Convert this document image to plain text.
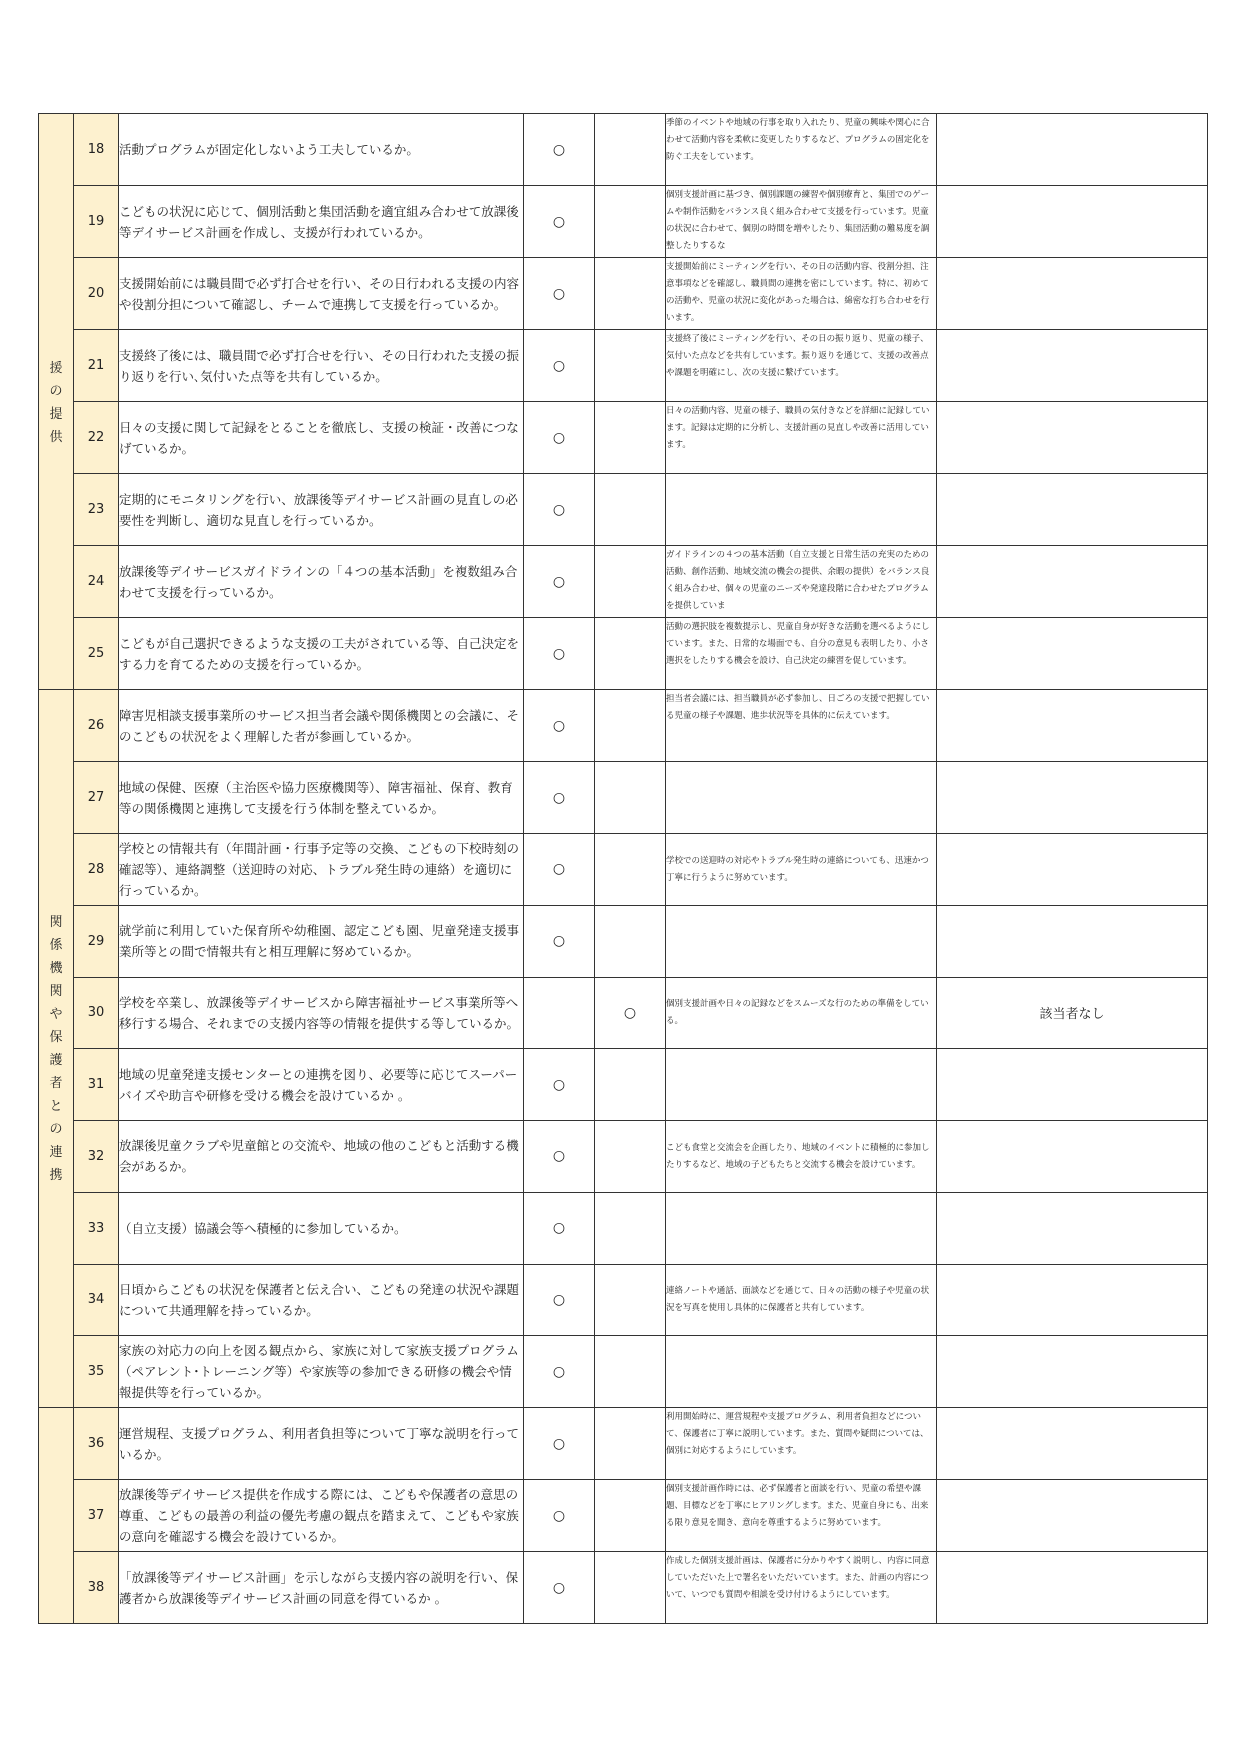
援の提供	18	活動プログラムが固定化しないよう工夫しているか。	○		季節のイベントや地域の行事を取り入れたり、児童の興味や関心に合わせて活動内容を柔軟に変更したりするなど、プログラムの固定化を防ぐ工夫をしています。	

	19	こどもの状況に応じて、個別活動と集団活動を適宜組み合わせて放課後等デイサービス計画を作成し、支援が行われているか。	○		個別支援計画に基づき、個別課題の練習や個別療育と、集団でのゲームや制作活動をバランス良く組み合わせて支援を行っています。児童の状況に合わせて、個別の時間を増やしたり、集団活動の難易度を調整したりするな	

	20	支援開始前には職員間で必ず打合せを行い、その日行われる支援の内容や役割分担について確認し、チームで連携して支援を行っているか。	○		支援開始前にミーティングを行い、その日の活動内容、役割分担、注意事項などを確認し、職員間の連携を密にしています。特に、初めての活動や、児童の状況に変化があった場合は、綿密な打ち合わせを行います。	

	21	支援終了後には、職員間で必ず打合せを行い、その日行われた支援の振り返りを行い､気付いた点等を共有しているか。	○		支援終了後にミーティングを行い、その日の振り返り、児童の様子、気付いた点などを共有しています。振り返りを通じて、支援の改善点や課題を明確にし、次の支援に繋げています。	

	22	日々の支援に関して記録をとることを徹底し、支援の検証・改善につなげているか。	○		日々の活動内容、児童の様子、職員の気付きなどを詳細に記録しています。記録は定期的に分析し、支援計画の見直しや改善に活用しています。	

	23	定期的にモニタリングを行い、放課後等デイサービス計画の見直しの必要性を判断し、適切な見直しを行っているか。	○		

	24	放課後等デイサービスガイドラインの「４つの基本活動」を複数組み合わせて支援を行っているか。	○		ガイドラインの４つの基本活動（自立支援と日常生活の充実のための活動、創作活動、地域交流の機会の提供、余暇の提供）をバランス良く組み合わせ、個々の児童のニーズや発達段階に合わせたプログラムを提供していま	

	25	こどもが自己選択できるような支援の工夫がされている等、自己決定をする力を育てるための支援を行っているか。	○		活動の選択肢を複数提示し、児童自身が好きな活動を選べるようにしています。また、日常的な場面でも、自分の意見も表明したり、小さ選択をしたりする機会を設け、自己決定の練習を促しています。	

関係機関や保護者との連携	26	障害児相談支援事業所のサービス担当者会議や関係機関との会議に、そのこどもの状況をよく理解した者が参画しているか。	○		担当者会議には、担当職員が必ず参加し、日ごろの支援で把握している児童の様子や課題、進歩状況等を具体的に伝えています。	

	27	地域の保健、医療（主治医や協力医療機関等）、障害福祉、保育、教育等の関係機関と連携して支援を行う体制を整えているか。	○		

	28	学校との情報共有（年間計画・行事予定等の交換、こどもの下校時刻の確認等）、連絡調整（送迎時の対応、トラブル発生時の連絡）を適切に行っているか。	○		学校での送迎時の対応やトラブル発生時の連絡についても、迅速かつ丁寧に行うように努めています。	

	29	就学前に利用していた保育所や幼稚園、認定こども園、児童発達支援事業所等との間で情報共有と相互理解に努めているか。	○		

	30	学校を卒業し、放課後等デイサービスから障害福祉サービス事業所等へ移行する場合、それまでの支援内容等の情報を提供する等しているか。		○	個別支援計画や日々の記録などをスムーズな行のための準備をしている。	該当者なし
	31	地域の児童発達支援センターとの連携を図り、必要等に応じてスーパーバイズや助言や研修を受ける機会を設けているか 。	○		

	32	放課後児童クラブや児童館との交流や、地域の他のこどもと活動する機会があるか。	○		こども食堂と交流会を企画したり、地域のイベントに積極的に参加したりするなど、地域の子どもたちと交流する機会を設けています。	

	33	（自立支援）協議会等へ積極的に参加しているか。	○		

	34	日頃からこどもの状況を保護者と伝え合い、こどもの発達の状況や課題について共通理解を持っているか。	○		連絡ノートや通話、面談などを通じて、日々の活動の様子や児童の状況を写真を使用し具体的に保護者と共有しています。	

	35	家族の対応力の向上を図る観点から、家族に対して家族支援プログラム（ペアレント･トレーニング等）や家族等の参加できる研修の機会や情報提供等を行っているか。	○		

	36	運営規程、支援プログラム、利用者負担等について丁寧な説明を行っているか。	○		利用開始時に、運営規程や支援プログラム、利用者負担などについて、保護者に丁寧に説明しています。また、質問や疑問については、個別に対応するようにしています。	

	37	放課後等デイサービス提供を作成する際には、こどもや保護者の意思の尊重、こどもの最善の利益の優先考慮の観点を踏まえて、こどもや家族の意向を確認する機会を設けているか。	○		個別支援計画作時には、必ず保護者と面談を行い、児童の希望や課題、目標などを丁寧にヒアリングします。また、児童自身にも、出来る限り意見を聞き、意向を尊重するように努めています。	

	38	「放課後等デイサービス計画」を示しながら支援内容の説明を行い、保護者から放課後等デイサービス計画の同意を得ているか 。	○		作成した個別支援計画は、保護者に分かりやすく説明し、内容に同意していただいた上で署名をいただいています。また、計画の内容について、いつでも質問や相談を受け付けるようにしています。	
